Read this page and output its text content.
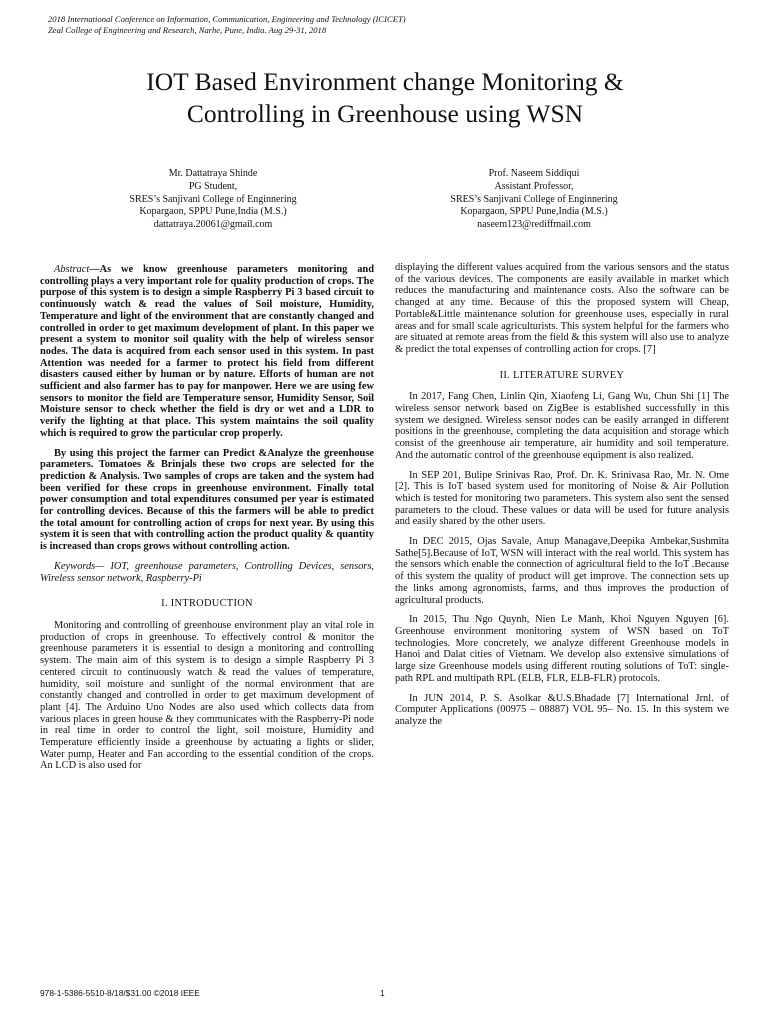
2018 International Conference on Information, Communication, Engineering and Technology (ICICET)
Zeal College of Engineering and Research, Narhe, Pune, India. Aug 29-31, 2018
IOT Based Environment change Monitoring &
Controlling in Greenhouse using WSN
Mr. Dattatraya Shinde
PG Student,
SRES’s Sanjivani College of Enginnering
Kopargaon, SPPU Pune,India (M.S.)
dattatraya.20061@gmail.com
Prof. Naseem Siddiqui
Assistant Professor,
SRES’s Sanjivani College of Enginnering
Kopargaon, SPPU Pune,India (M.S.)
naseem123@rediffmail.com

Abstract—As we know greenhouse parameters monitoring and controlling plays a very important role for quality production of crops. The purpose of this system is to design a simple Raspberry Pi 3 based circuit to continuously watch & read the values of Soil moisture, Humidity, Temperature and light of the environment that are constantly changed and controlled in order to get maximum development of plant. In this paper we present a system to monitor soil quality with the help of wireless sensor nodes. The data is acquired from each sensor used in this system. In past Attention was needed for a farmer to protect his field from different disasters caused either by human or by nature. Efforts of human are not sufficient and also farmer has to pay for manpower. Here we are using few sensors to monitor the field are Temperature sensor, Humidity Sensor, Soil Moisture sensor to check whether the field is dry or wet and a LDR to verify the lighting at that place. This system maintains the soil quality which is required to grow the particular crop properly.

By using this project the farmer can Predict &Analyze the greenhouse parameters. Tomatoes & Brinjals these two crops are selected for the prediction & Analysis. Two samples of crops are taken and the system had been verified for these crops in greenhouse environment. Finally total power consumption and total expenditures consumed per year is estimated for controlling devices. Because of this the farmers will be able to predict the total amount for controlling action of crops for next year. By using this system it is seen that with controlling action the product quality & quantity is increased than crops grows without controlling action.

Keywords— IOT, greenhouse parameters, Controlling Devices, sensors, Wireless sensor network, Raspberry-Pi

I. INTRODUCTION

Monitoring and controlling of greenhouse environment play an vital role in production of crops in greenhouse. To effectively control & monitor the greenhouse parameters it is essential to design a monitoring and controlling system. The main aim of this system is to design a simple Raspberry Pi 3 centered circuit to continuously watch & read the values of temperature, humidity, soil moisture and sunlight of the normal environment that are constantly changed and controlled in order to get maximum development of plant [4]. The Arduino Uno Nodes are also used which collects data from various places in green house & they communicates with the Raspberry-Pi node in real time in order to control the light, soil moisture, Humidity and Temperature efficiently inside a greenhouse by actuating a lights or slider, Water pump, Heater and Fan according to the essential condition of the crops. An LCD is also used for

displaying the different values acquired from the various sensors and the status of the various devices. The components are easily available in market which reduces the manufacturing and maintenance costs. Also the software can be changed at any time. Because of this the proposed system will Cheap, Portable&Little maintenance solution for greenhouse uses, especially in rural areas and for small scale agriculturists. This system helpful for the farmers who are situated at remote areas from the field & this system will also use to analyze & predict the total expenses of controlling action for crops. [7]

II. LITERATURE SURVEY

In 2017, Fang Chen, Linlin Qin, Xiaofeng Li, Gang Wu, Chun Shi [1] The wireless sensor network based on ZigBee is established successfully in this system we designed. Wireless sensor nodes can be easily arranged in different positions in the greenhouse, completing the data acquisition and storage which consist of the greenhouse air temperature, air humidity and soil temperature. And the automatic control of the greenhouse equipment is also realized.

In SEP 201, Bulipe Srinivas Rao, Prof. Dr. K. Srinivasa Rao, Mr. N. Ome [2]. This is IoT based system used for monitoring of Noise & Air Pollution which is tested for monitoring two parameters. This system also sent the sensed parameters to the cloud. These values or data will be used for future analysis and easily shared by the other users.

In DEC 2015, Ojas Savale, Anup Managave,Deepika Ambekar,Sushmita Sathe[5].Because of IoT, WSN will interact with the real world. This system has the sensors which enable the connection of agricultural field to the IoT .Because of this system the quality of product will get improve. The connection sets up the links among agronomists, farms, and thus improves the production of agricultural products.

In 2015, Thu Ngo Quynh, Nien Le Manh, Khoi Nguyen Nguyen [6]. Greenhouse environment monitoring system of WSN based on ToT technologies. More concretely, we analyze different Greenhouse models in Hanoi and Dalat cities of Vietnam. We develop also extensive simulations of large size Greenhouse models using different routing solutions of ToT: single-path RPL and multipath RPL (ELB, FLR, ELB-FLR) protocols.

In JUN 2014, P. S. Asolkar &U.S.Bhadade [7] International Jrnl. of Computer Applications (00975 – 08887) VOL 95– No. 15. In this system we analyze the

978-1-5386-5510-8/18/$31.00 ©2018 IEEE	1
